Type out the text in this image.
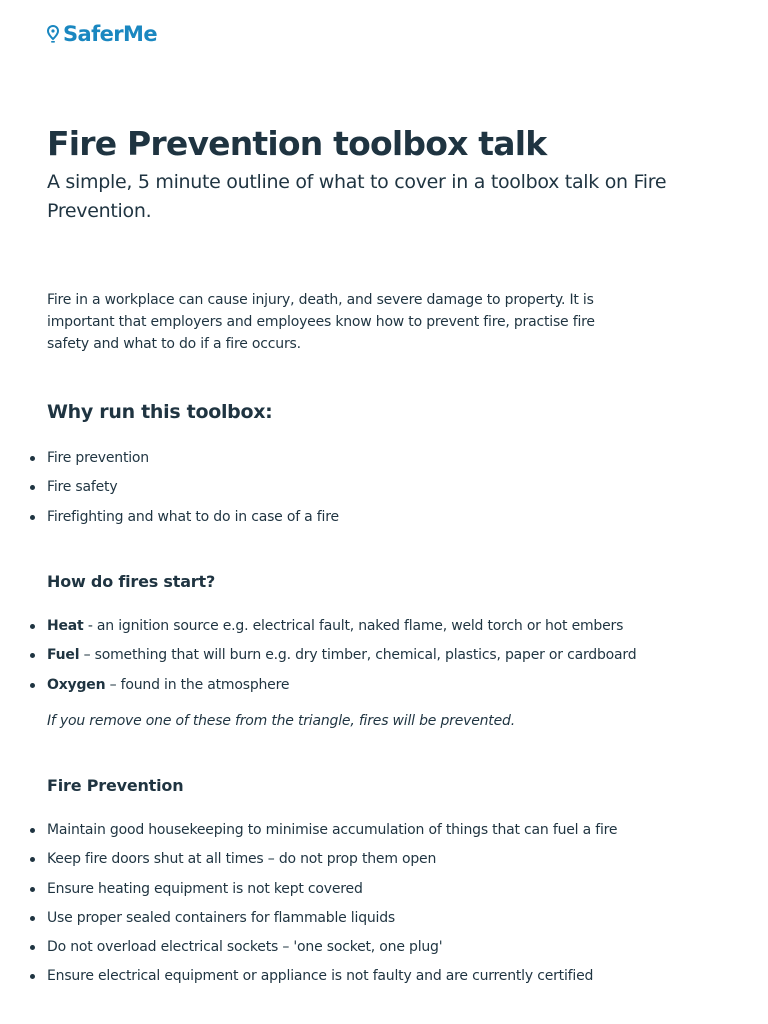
SaferMe
Fire Prevention toolbox talk

A simple, 5 minute outline of what to cover in a toolbox talk on Fire Prevention.

Fire in a workplace can cause injury, death, and severe damage to property. It is important that employers and employees know how to prevent fire, practise fire safety and what to do if a fire occurs.

Why run this toolbox:
Fire prevention
Fire safety
Firefighting and what to do in case of a fire
How do fires start?
Heat - an ignition source e.g. electrical fault, naked flame, weld torch or hot embers
Fuel – something that will burn e.g. dry timber, chemical, plastics, paper or cardboard
Oxygen – found in the atmosphere

If you remove one of these from the triangle, fires will be prevented.

Fire Prevention
Maintain good housekeeping to minimise accumulation of things that can fuel a fire
Keep fire doors shut at all times – do not prop them open
Ensure heating equipment is not kept covered
Use proper sealed containers for flammable liquids
Do not overload electrical sockets – 'one socket, one plug'
Ensure electrical equipment or appliance is not faulty and are currently certified
